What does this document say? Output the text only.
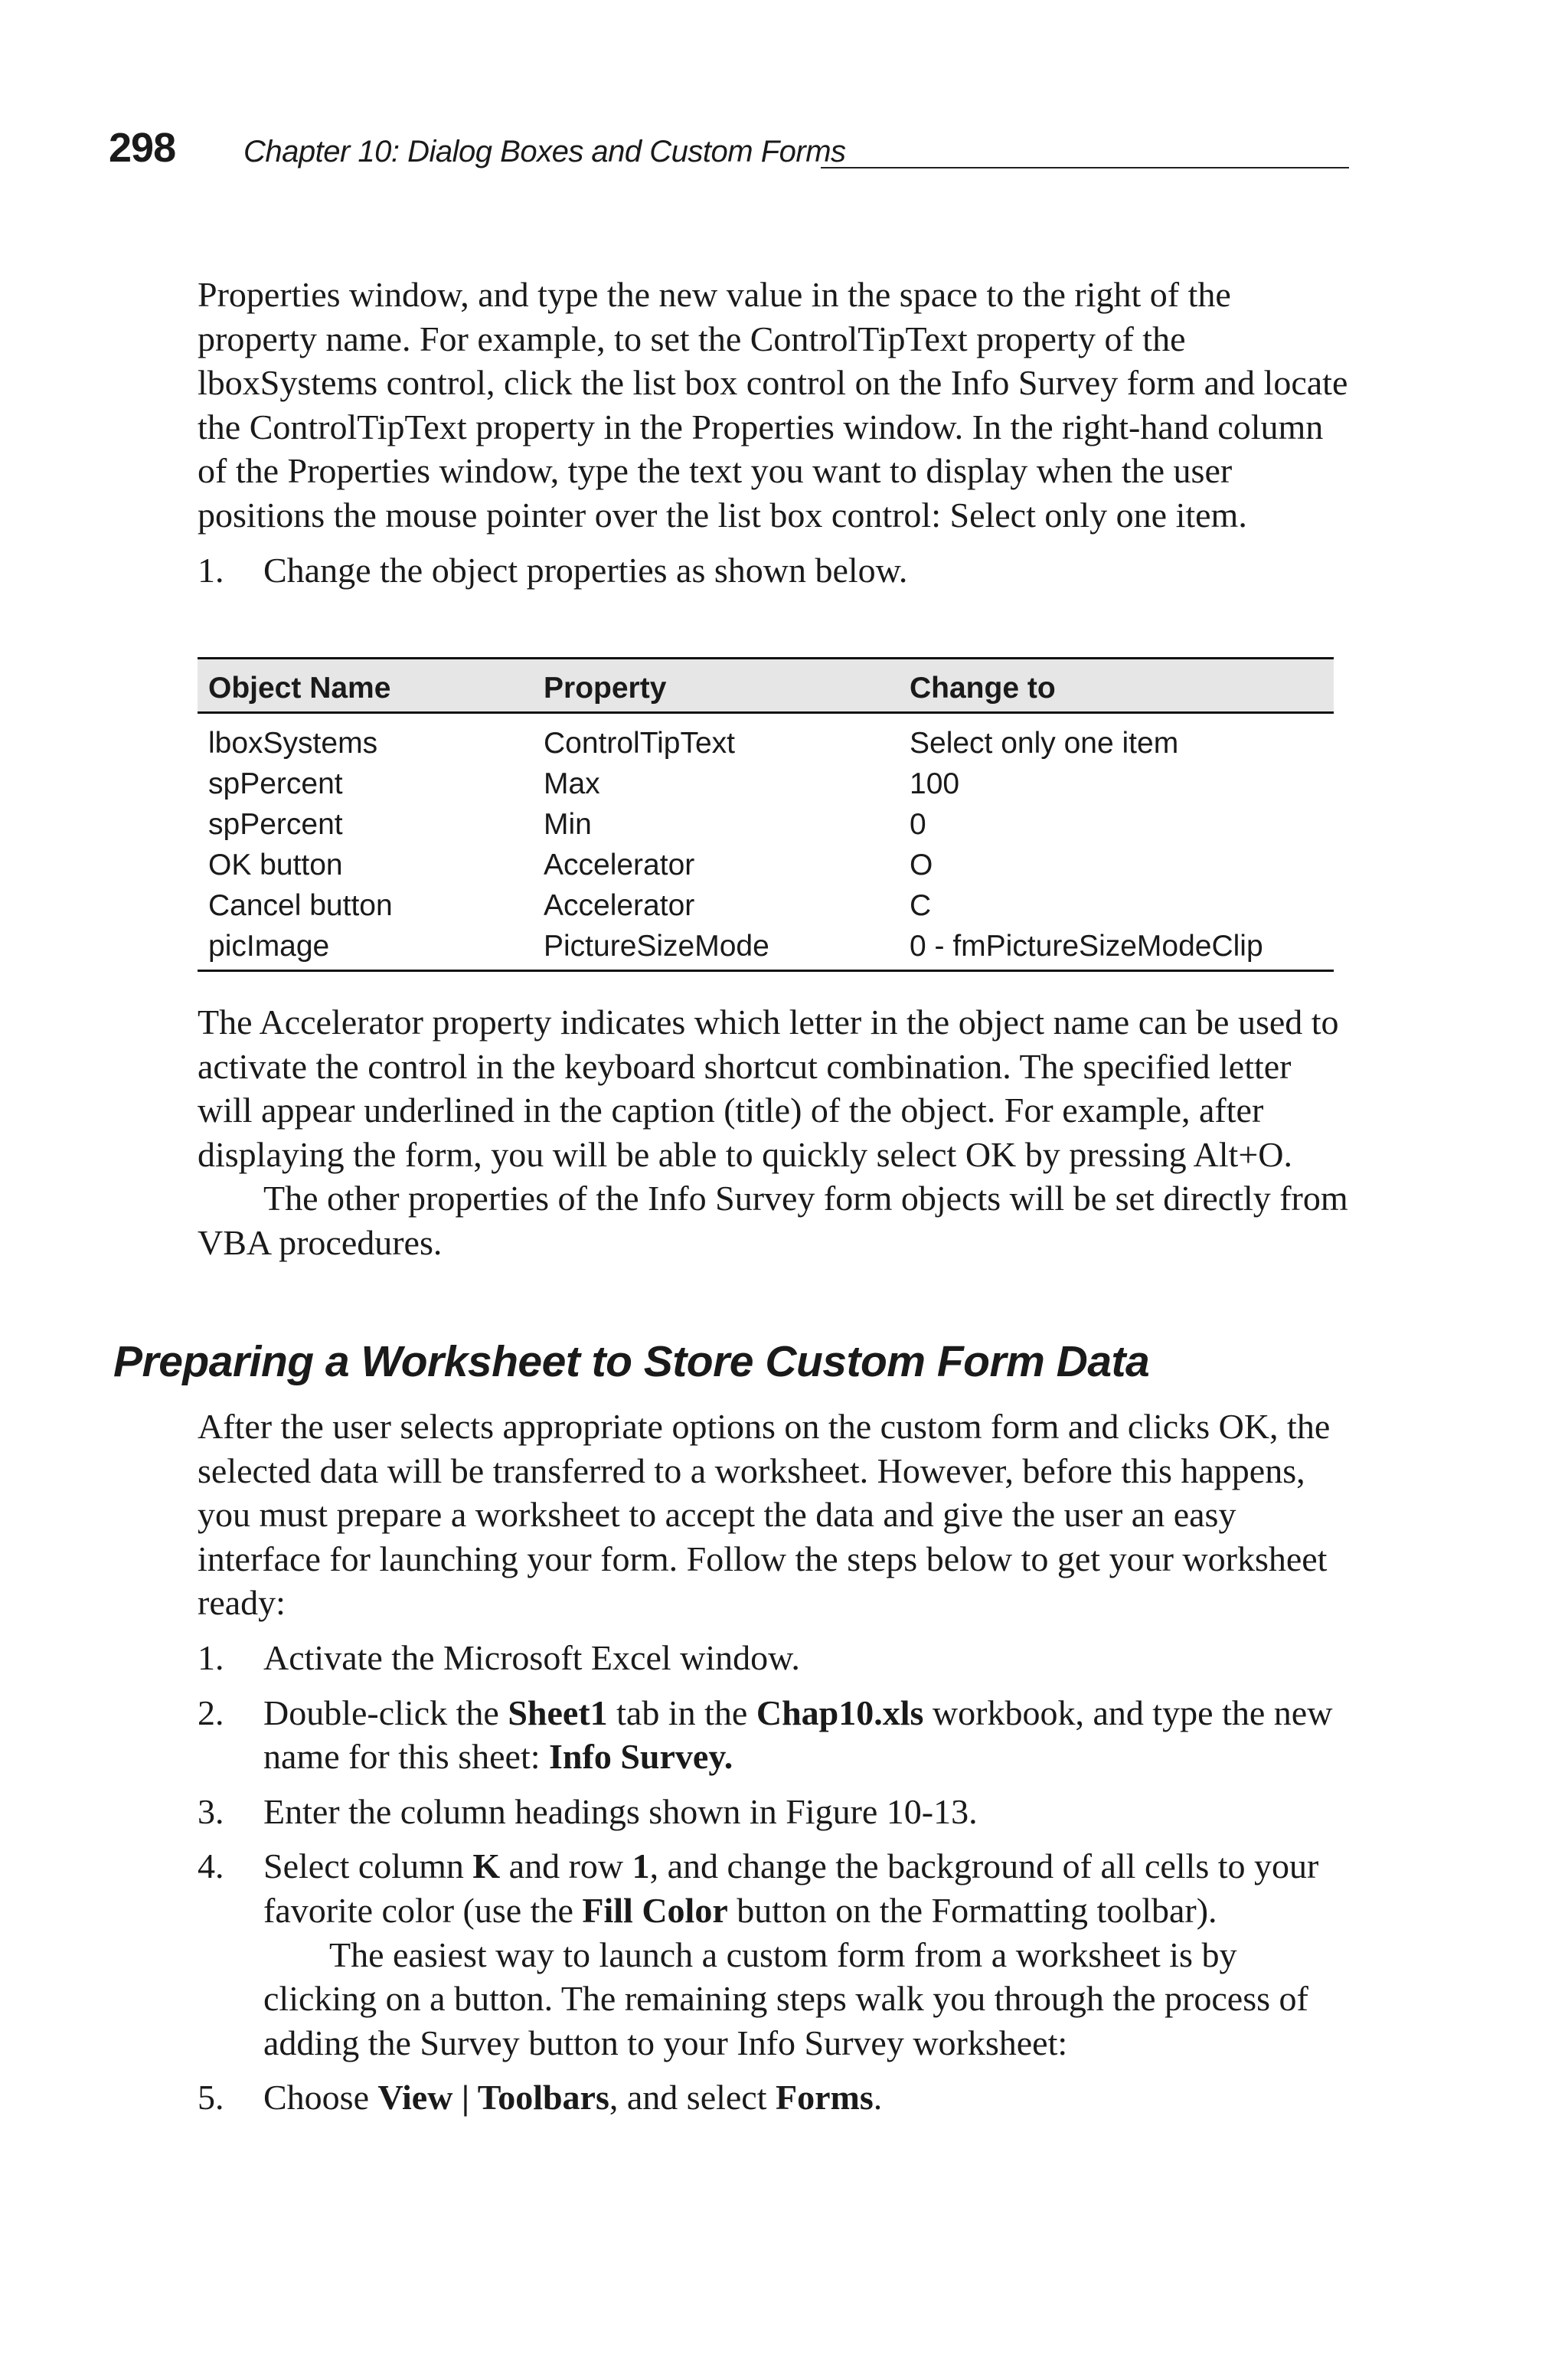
298 Chapter 10: Dialog Boxes and Custom Forms

Properties window, and type the new value in the space to the right of the property name. For example, to set the ControlTipText property of the lboxSystems control, click the list box control on the Info Survey form and locate the ControlTipText property in the Properties window. In the right-hand column of the Properties window, type the text you want to display when the user positions the mouse pointer over the list box control: Select only one item.

1. Change the object properties as shown below.
Object Name	Property	Change to
lboxSystems	ControlTipText	Select only one item
spPercent	Max	100
spPercent	Min	0
OK button	Accelerator	O
Cancel button	Accelerator	C
picImage	PictureSizeMode	0 - fmPictureSizeModeClip

The Accelerator property indicates which letter in the object name can be used to activate the control in the keyboard shortcut combination. The specified letter will appear underlined in the caption (title) of the object. For example, after displaying the form, you will be able to quickly select OK by pressing Alt+O.

The other properties of the Info Survey form objects will be set directly from VBA procedures.

Preparing a Worksheet to Store Custom Form Data

After the user selects appropriate options on the custom form and clicks OK, the selected data will be transferred to a worksheet. However, before this happens, you must prepare a worksheet to accept the data and give the user an easy interface for launching your form. Follow the steps below to get your worksheet ready:

1. Activate the Microsoft Excel window.
2. Double-click the Sheet1 tab in the Chap10.xls workbook, and type the new name for this sheet: Info Survey.
3. Enter the column headings shown in Figure 10-13.
4. Select column K and row 1, and change the background of all cells to your favorite color (use the Fill Color button on the Formatting toolbar).

The easiest way to launch a custom form from a worksheet is by clicking on a button. The remaining steps walk you through the process of adding the Survey button to your Info Survey worksheet:

5. Choose View | Toolbars, and select Forms.
